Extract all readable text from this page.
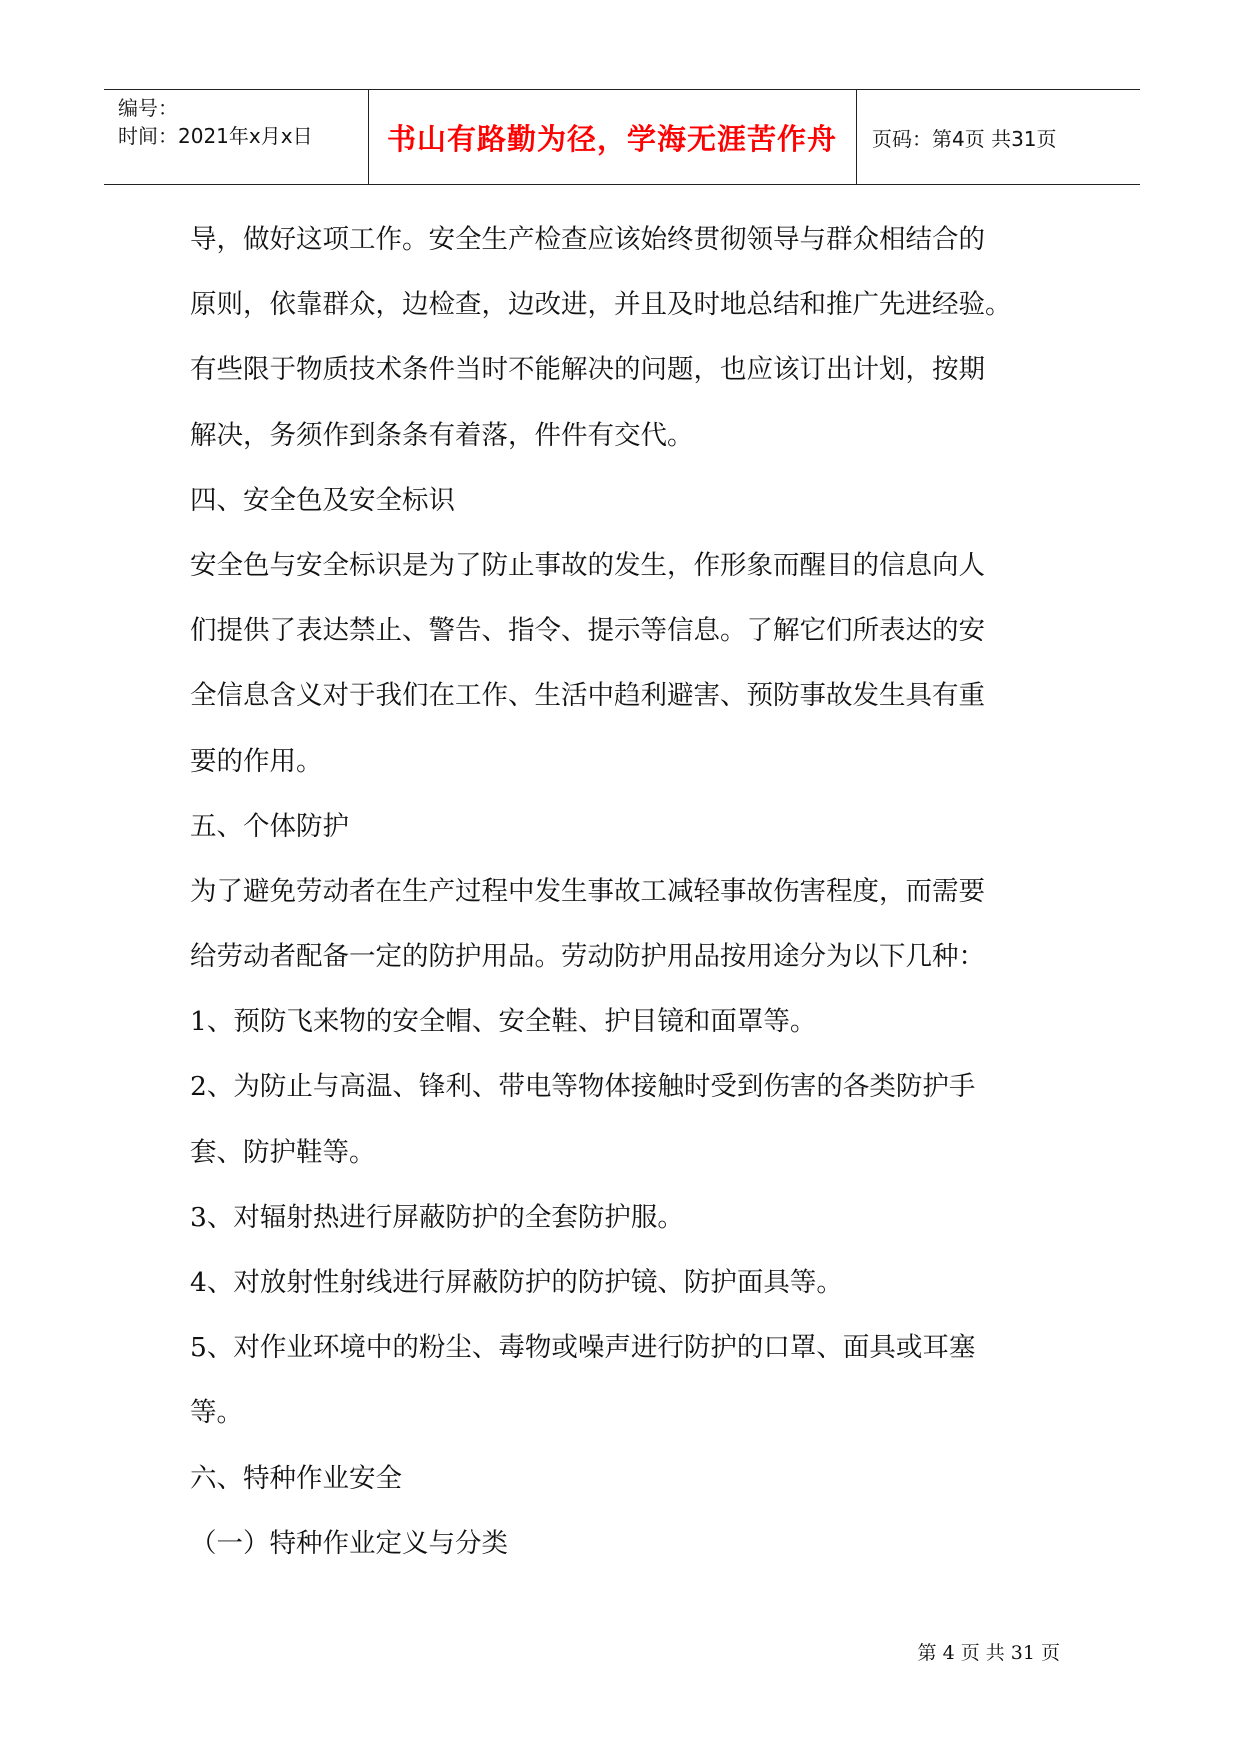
编号：
时间：2021年x月x日	书山有路勤为径，学海无涯苦作舟	页码：第4页 共31页
导，做好这项工作。安全生产检查应该始终贯彻领导与群众相结合的
原则，依靠群众，边检查，边改进，并且及时地总结和推广先进经验。
有些限于物质技术条件当时不能解决的问题，也应该订出计划，按期
解决，务须作到条条有着落，件件有交代。
四、安全色及安全标识
安全色与安全标识是为了防止事故的发生，作形象而醒目的信息向人
们提供了表达禁止、警告、指令、提示等信息。了解它们所表达的安
全信息含义对于我们在工作、生活中趋利避害、预防事故发生具有重
要的作用。
五、个体防护
为了避免劳动者在生产过程中发生事故工减轻事故伤害程度，而需要
给劳动者配备一定的防护用品。劳动防护用品按用途分为以下几种：
1、预防飞来物的安全帽、安全鞋、护目镜和面罩等。
2、为防止与高温、锋利、带电等物体接触时受到伤害的各类防护手
套、防护鞋等。
3、对辐射热进行屏蔽防护的全套防护服。
4、对放射性射线进行屏蔽防护的防护镜、防护面具等。
5、对作业环境中的粉尘、毒物或噪声进行防护的口罩、面具或耳塞
等。
六、特种作业安全
（一）特种作业定义与分类
第 4 页 共 31 页
